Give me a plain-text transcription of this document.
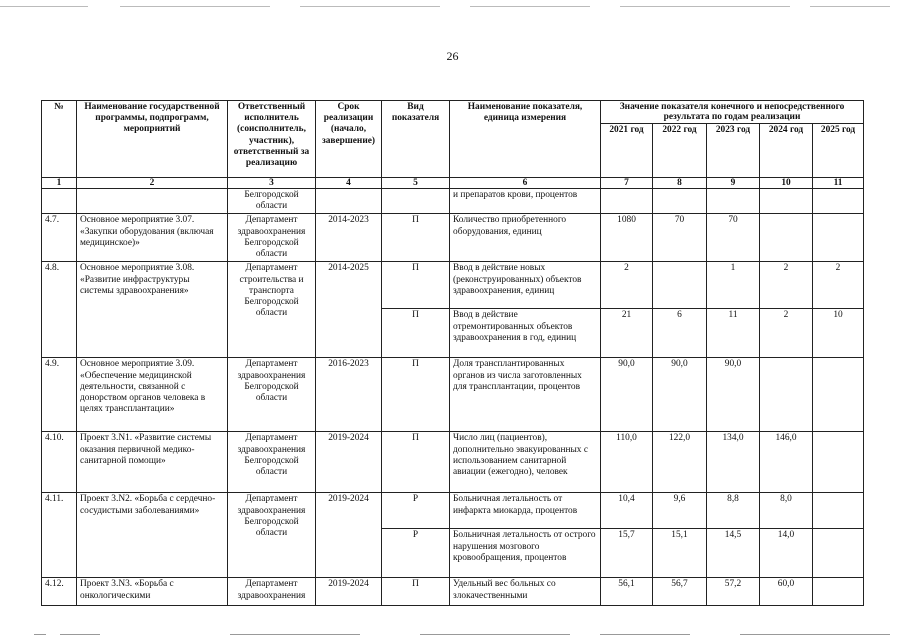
26
№	Наименование государственной программы, подпрограмм, мероприятий	Ответственный исполнитель (соисполнитель, участник), ответственный за реализацию	Срок реализации (начало, завершение)	Вид показателя	Наименование показателя, единица измерения	Значение показателя конечного и непосредственного результата по годам реализации				
						2021 год	2022 год	2023 год	2024 год	2025 год
1	2	3	4	5	6	7	8	9	10	11
		Белгородской области			и препаратов крови, процентов					
4.7.	Основное мероприятие 3.07. «Закупки оборудования (включая медицинское)»	Департамент здравоохранения Белгородской области	2014-2023	П	Количество приобретенного оборудования, единиц	1080	70	70		
4.8.	Основное мероприятие 3.08. «Развитие инфраструктуры системы здравоохранения»	Департамент строительства и транспорта Белгородской области	2014-2025	П	Ввод в действие новых (реконструированных) объектов здравоохранения, единиц	2		1	2	2
				П	Ввод в действие отремонтированных объектов здравоохранения в год, единиц	21	6	11	2	10
4.9.	Основное мероприятие 3.09. «Обеспечение медицинской деятельности, связанной с донорством органов человека в целях трансплантации»	Департамент здравоохранения Белгородской области	2016-2023	П	Доля трансплантированных органов из числа заготовленных для трансплантации, процентов	90,0	90,0	90,0		
4.10.	Проект 3.N1. «Развитие системы оказания первичной медико-санитарной помощи»	Департамент здравоохранения Белгородской области	2019-2024	П	Число лиц (пациентов), дополнительно эвакуированных с использованием санитарной авиации (ежегодно), человек	110,0	122,0	134,0	146,0	
4.11.	Проект 3.N2. «Борьба с сердечно-сосудистыми заболеваниями»	Департамент здравоохранения Белгородской области	2019-2024	Р	Больничная летальность от инфаркта миокарда, процентов	10,4	9,6	8,8	8,0	
				Р	Больничная летальность от острого нарушения мозгового кровообращения, процентов	15,7	15,1	14,5	14,0	
4.12.	Проект 3.N3. «Борьба с онкологическими	Департамент здравоохранения	2019-2024	П	Удельный вес больных со злокачественными	56,1	56,7	57,2	60,0	
